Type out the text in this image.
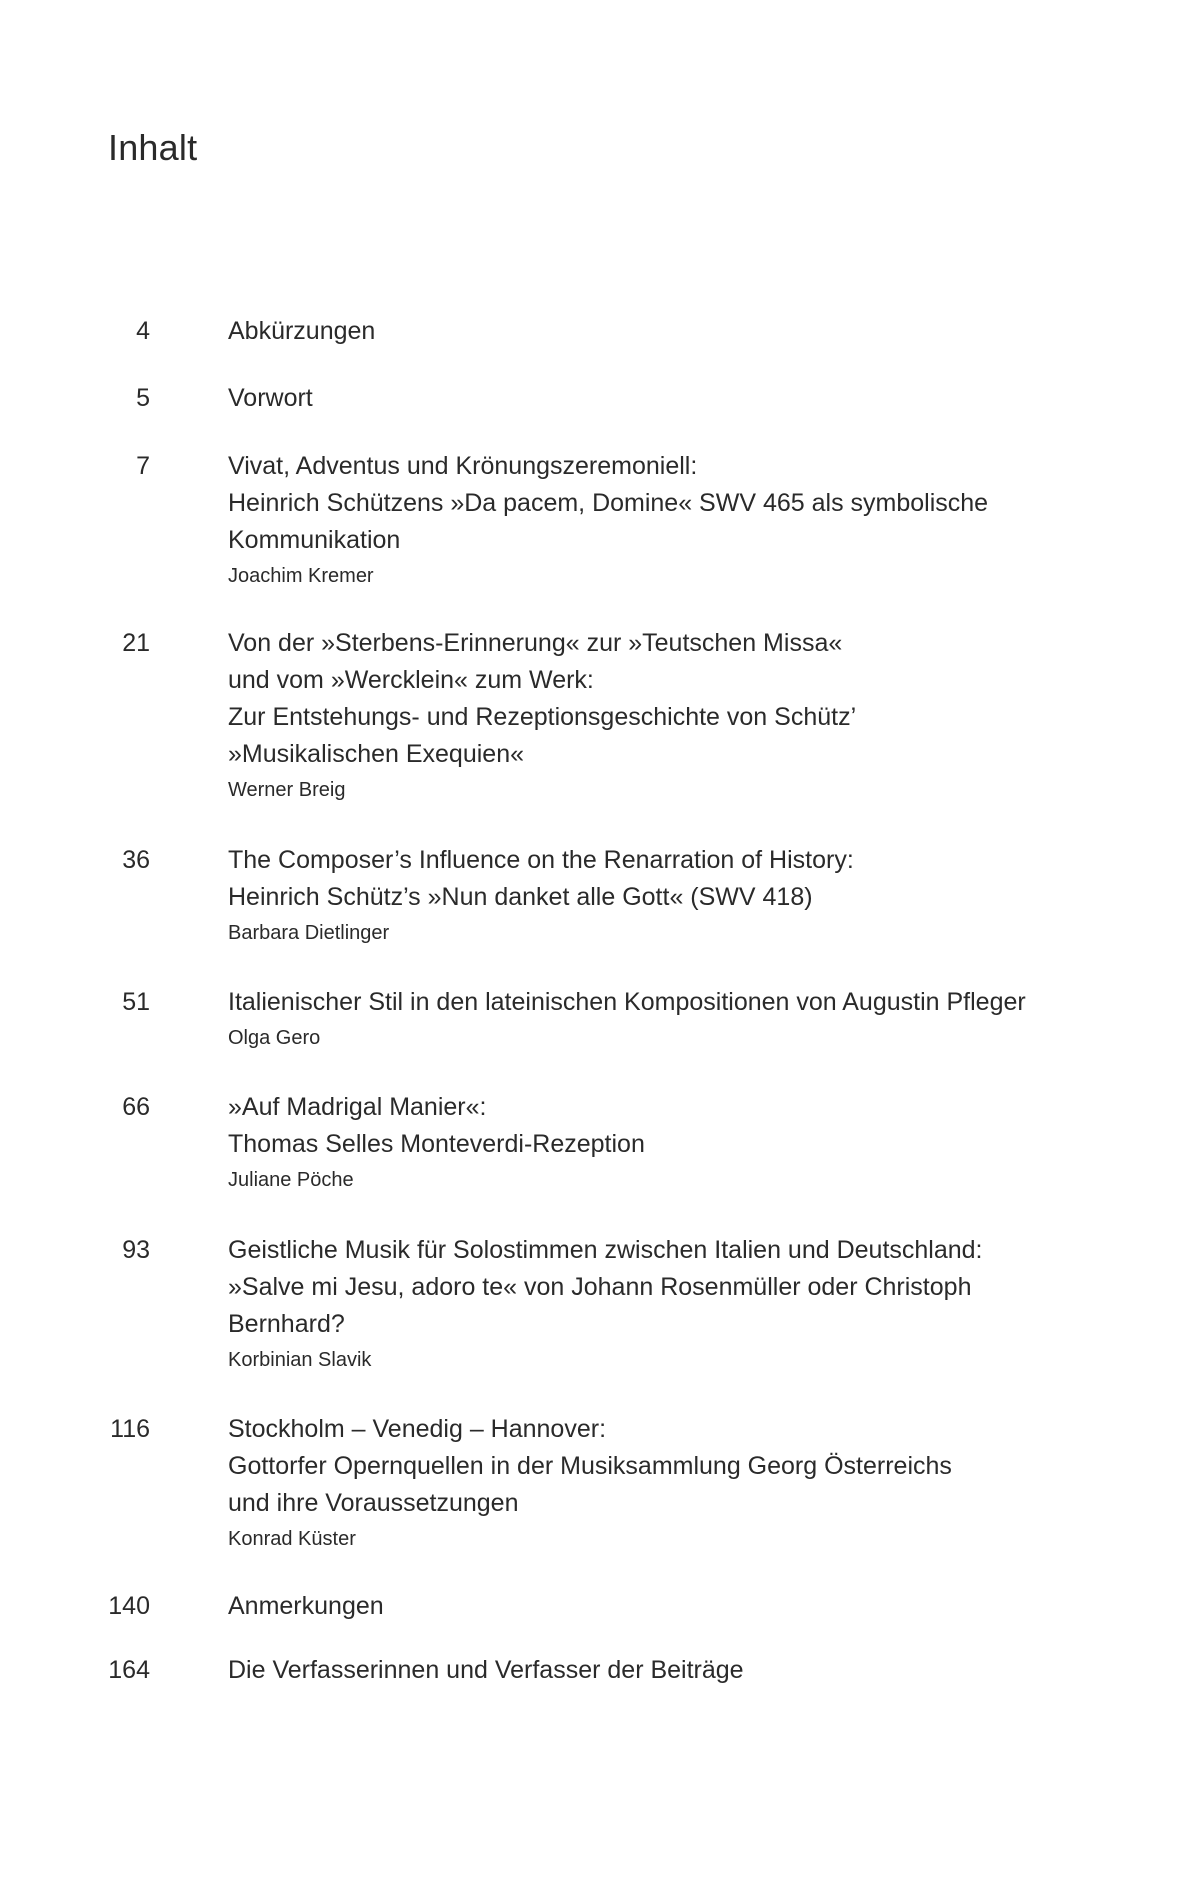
Inhalt
4	Abkürzungen
5	Vorwort
7	Vivat, Adventus und Krönungszeremoniell:
Heinrich Schützens »Da pacem, Domine« SWV 465 als symbolische
Kommunikation
Joachim Kremer
21	Von der »Sterbens-Erinnerung« zur »Teutschen Missa«
und vom »Wercklein« zum Werk:
Zur Entstehungs- und Rezeptionsgeschichte von Schütz’
»Musikalischen Exequien«
Werner Breig
36	The Composer’s Influence on the Renarration of History:
Heinrich Schütz’s »Nun danket alle Gott« (SWV 418)
Barbara Dietlinger
51	Italienischer Stil in den lateinischen Kompositionen von Augustin Pfleger
Olga Gero
66	»Auf Madrigal Manier«:
Thomas Selles Monteverdi-Rezeption
Juliane Pöche
93	Geistliche Musik für Solostimmen zwischen Italien und Deutschland:
»Salve mi Jesu, adoro te« von Johann Rosenmüller oder Christoph
Bernhard?
Korbinian Slavik
116	Stockholm – Venedig – Hannover:
Gottorfer Opernquellen in der Musiksammlung Georg Österreichs
und ihre Voraussetzungen
Konrad Küster
140	Anmerkungen
164	Die Verfasserinnen und Verfasser der Beiträge
